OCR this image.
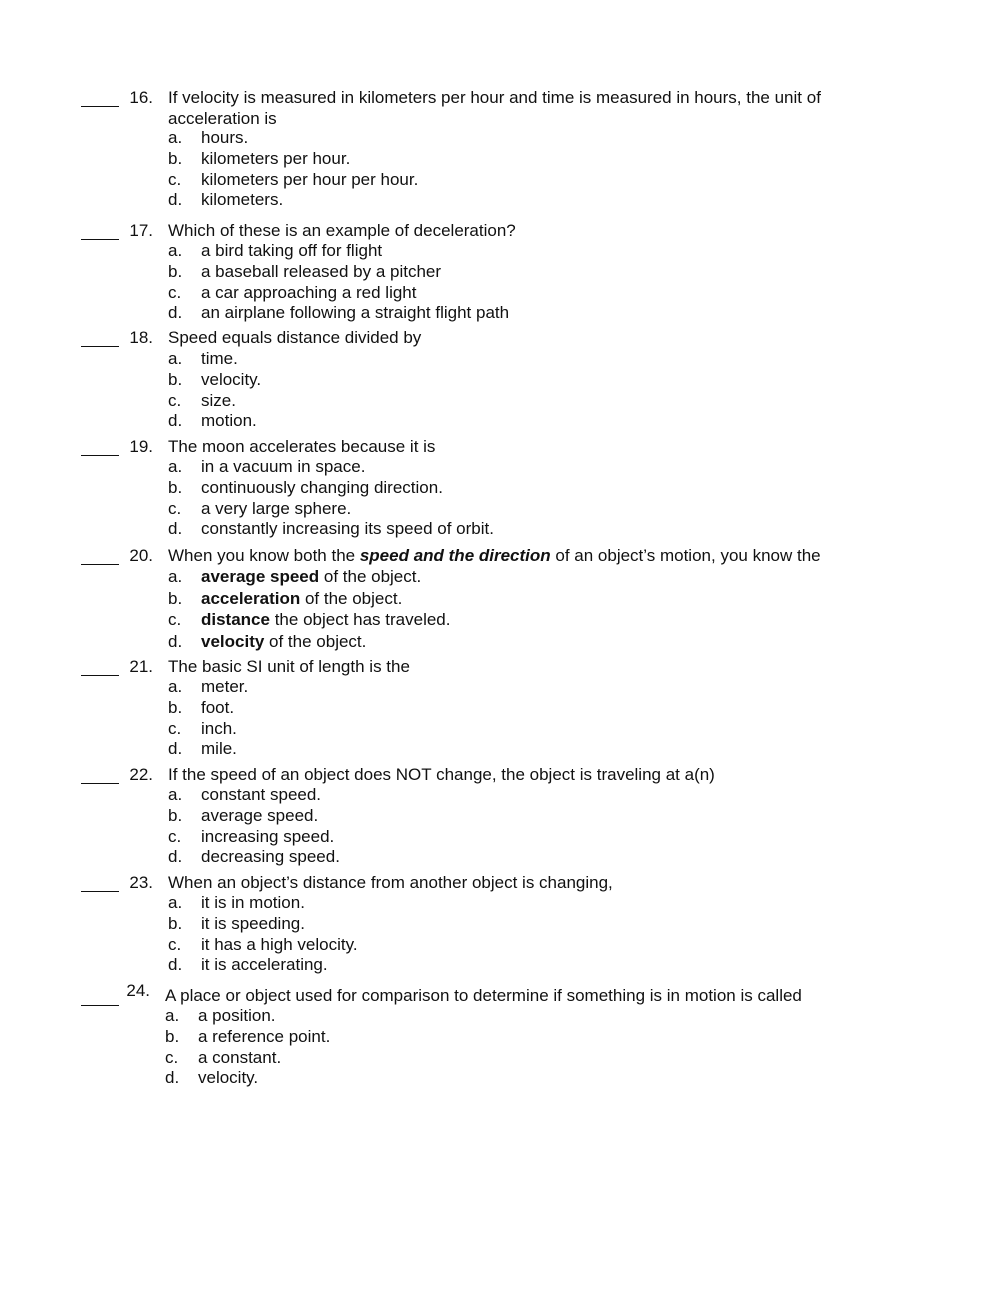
16. If velocity is measured in kilometers per hour and time is measured in hours, the unit of acceleration is
a. hours.
b. kilometers per hour.
c. kilometers per hour per hour.
d. kilometers.
17. Which of these is an example of deceleration?
a. a bird taking off for flight
b. a baseball released by a pitcher
c. a car approaching a red light
d. an airplane following a straight flight path
18. Speed equals distance divided by
a. time.
b. velocity.
c. size.
d. motion.
19. The moon accelerates because it is
a. in a vacuum in space.
b. continuously changing direction.
c. a very large sphere.
d. constantly increasing its speed of orbit.
20. When you know both the speed and the direction of an object’s motion, you know the
a. average speed of the object.
b. acceleration of the object.
c. distance the object has traveled.
d. velocity of the object.
21. The basic SI unit of length is the
a. meter.
b. foot.
c. inch.
d. mile.
22. If the speed of an object does NOT change, the object is traveling at a(n)
a. constant speed.
b. average speed.
c. increasing speed.
d. decreasing speed.
23. When an object’s distance from another object is changing,
a. it is in motion.
b. it is speeding.
c. it has a high velocity.
d. it is accelerating.
24. A place or object used for comparison to determine if something is in motion is called
a. a position.
b. a reference point.
c. a constant.
d. velocity.
